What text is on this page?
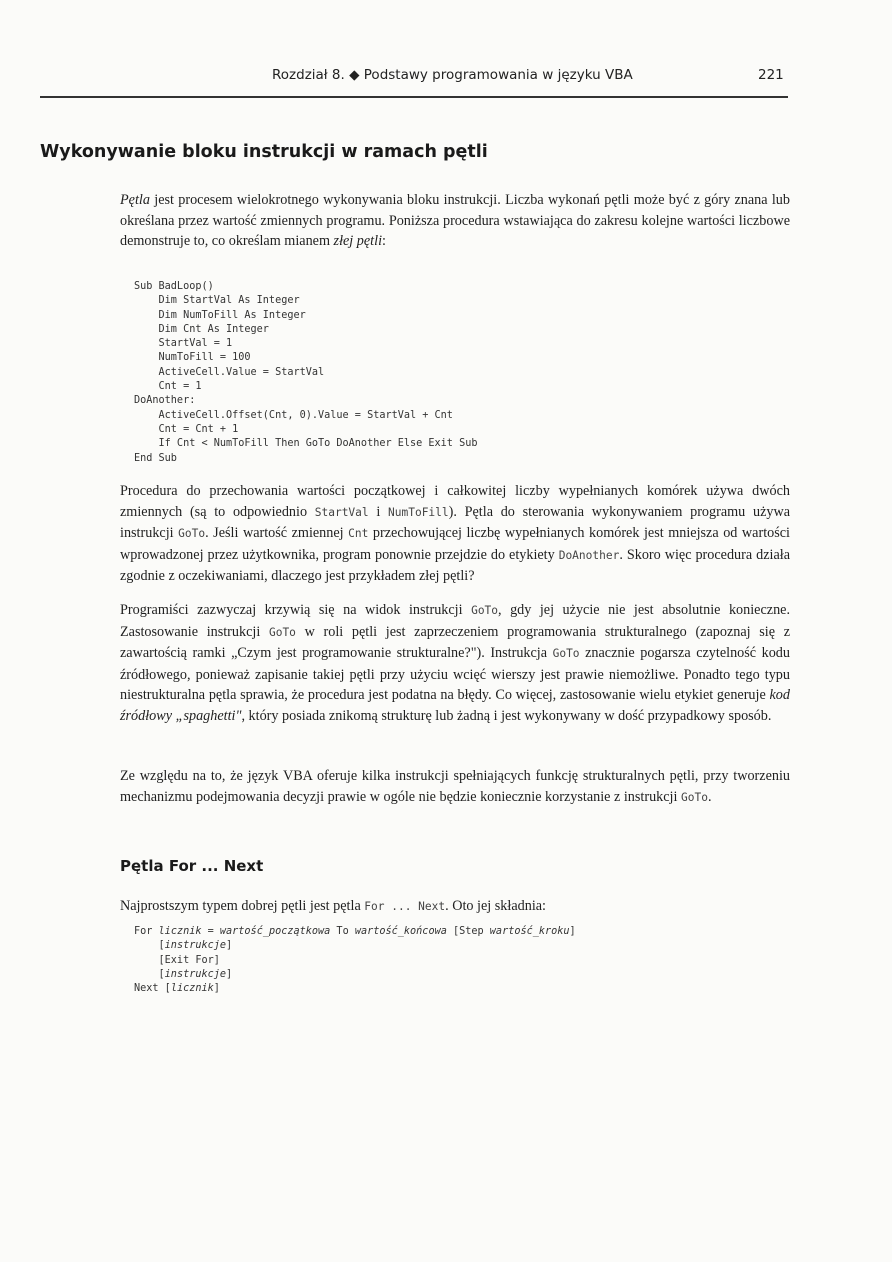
Rozdział 8. ◆ Podstawy programowania w języku VBA	221
Wykonywanie bloku instrukcji w ramach pętli

Pętla jest procesem wielokrotnego wykonywania bloku instrukcji. Liczba wykonań pętli może być z góry znana lub określana przez wartość zmiennych programu. Poniższa procedura wstawiająca do zakresu kolejne wartości liczbowe demonstruje to, co określam mianem złej pętli:

Sub BadLoop()
Dim StartVal As Integer
Dim NumToFill As Integer
Dim Cnt As Integer
StartVal = 1
NumToFill = 100
ActiveCell.Value = StartVal
Cnt = 1
DoAnother:
ActiveCell.Offset(Cnt, 0).Value = StartVal + Cnt
Cnt = Cnt + 1
If Cnt < NumToFill Then GoTo DoAnother Else Exit Sub
End Sub

Procedura do przechowania wartości początkowej i całkowitej liczby wypełnianych komórek używa dwóch zmiennych (są to odpowiednio StartVal i NumToFill). Pętla do sterowania wykonywaniem programu używa instrukcji GoTo. Jeśli wartość zmiennej Cnt przechowującej liczbę wypełnianych komórek jest mniejsza od wartości wprowadzonej przez użytkownika, program ponownie przejdzie do etykiety DoAnother. Skoro więc procedura działa zgodnie z oczekiwaniami, dlaczego jest przykładem złej pętli?

Programiści zazwyczaj krzywią się na widok instrukcji GoTo, gdy jej użycie nie jest absolutnie konieczne. Zastosowanie instrukcji GoTo w roli pętli jest zaprzeczeniem programowania strukturalnego (zapoznaj się z zawartością ramki „Czym jest programowanie strukturalne?"). Instrukcja GoTo znacznie pogarsza czytelność kodu źródłowego, ponieważ zapisanie takiej pętli przy użyciu wcięć wierszy jest prawie niemożliwe. Ponadto tego typu niestrukturalna pętla sprawia, że procedura jest podatna na błędy. Co więcej, zastosowanie wielu etykiet generuje kod źródłowy „spaghetti", który posiada znikomą strukturę lub żadną i jest wykonywany w dość przypadkowy sposób.

Ze względu na to, że język VBA oferuje kilka instrukcji spełniających funkcję strukturalnych pętli, przy tworzeniu mechanizmu podejmowania decyzji prawie w ogóle nie będzie koniecznie korzystanie z instrukcji GoTo.

Pętla For ... Next

Najprostszym typem dobrej pętli jest pętla For ... Next. Oto jej składnia:

For licznik = wartość_początkowa To wartość_końcowa [Step wartość_kroku]
[instrukcje]
[Exit For]
[instrukcje]
Next [licznik]
